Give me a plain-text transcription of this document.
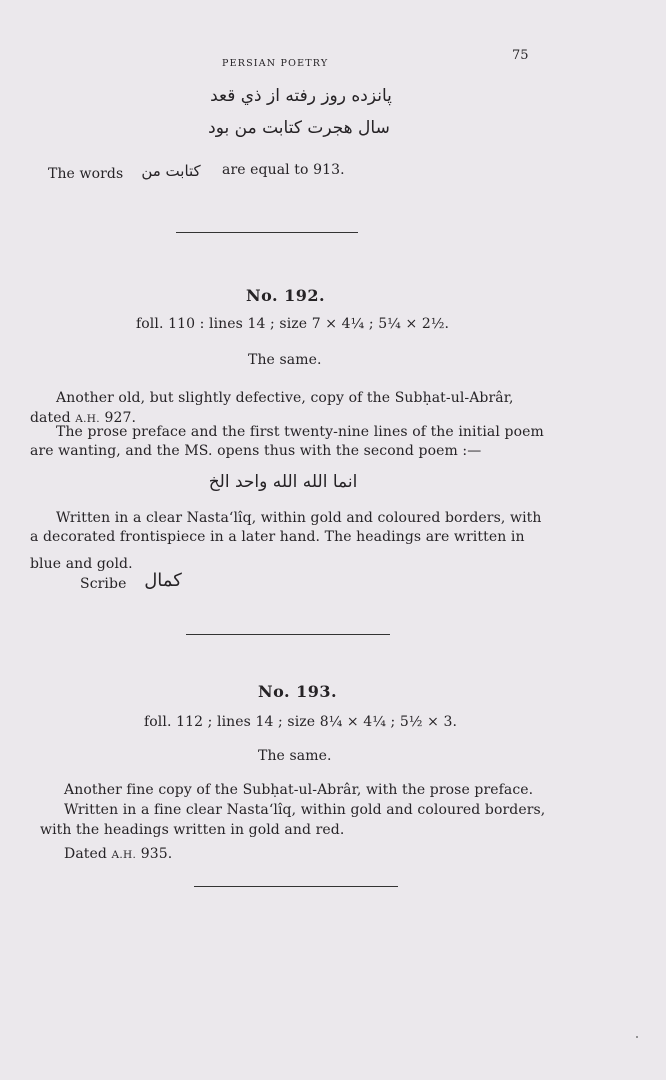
PERSIAN POETRY
75
پانزده روز رفته از ذي قعد
سال هجرت کتابت من بود
The words	کتابت من	are equal to 913.
No. 192.
foll. 110 : lines 14 ; size 7 × 4¼ ; 5¼ × 2½.
The same.
Another old, but slightly defective, copy of the Subḥat-ul-Abrâr,
dated A.H. 927.
The prose preface and the first twenty-nine lines of the initial poem
are wanting, and the MS. opens thus with the second poem :—
انما الله الله واحد الخ
Written in a clear Nasta‘lîq, within gold and coloured borders, with
a decorated frontispiece in a later hand. The headings are written in
blue and gold.
Scribe کمال
No. 193.
foll. 112 ; lines 14 ; size 8¼ × 4¼ ; 5½ × 3.
The same.
Another fine copy of the Subḥat-ul-Abrâr, with the prose preface.
Written in a fine clear Nasta‘lîq, within gold and coloured borders,
with the headings written in gold and red.
Dated A.H. 935.
